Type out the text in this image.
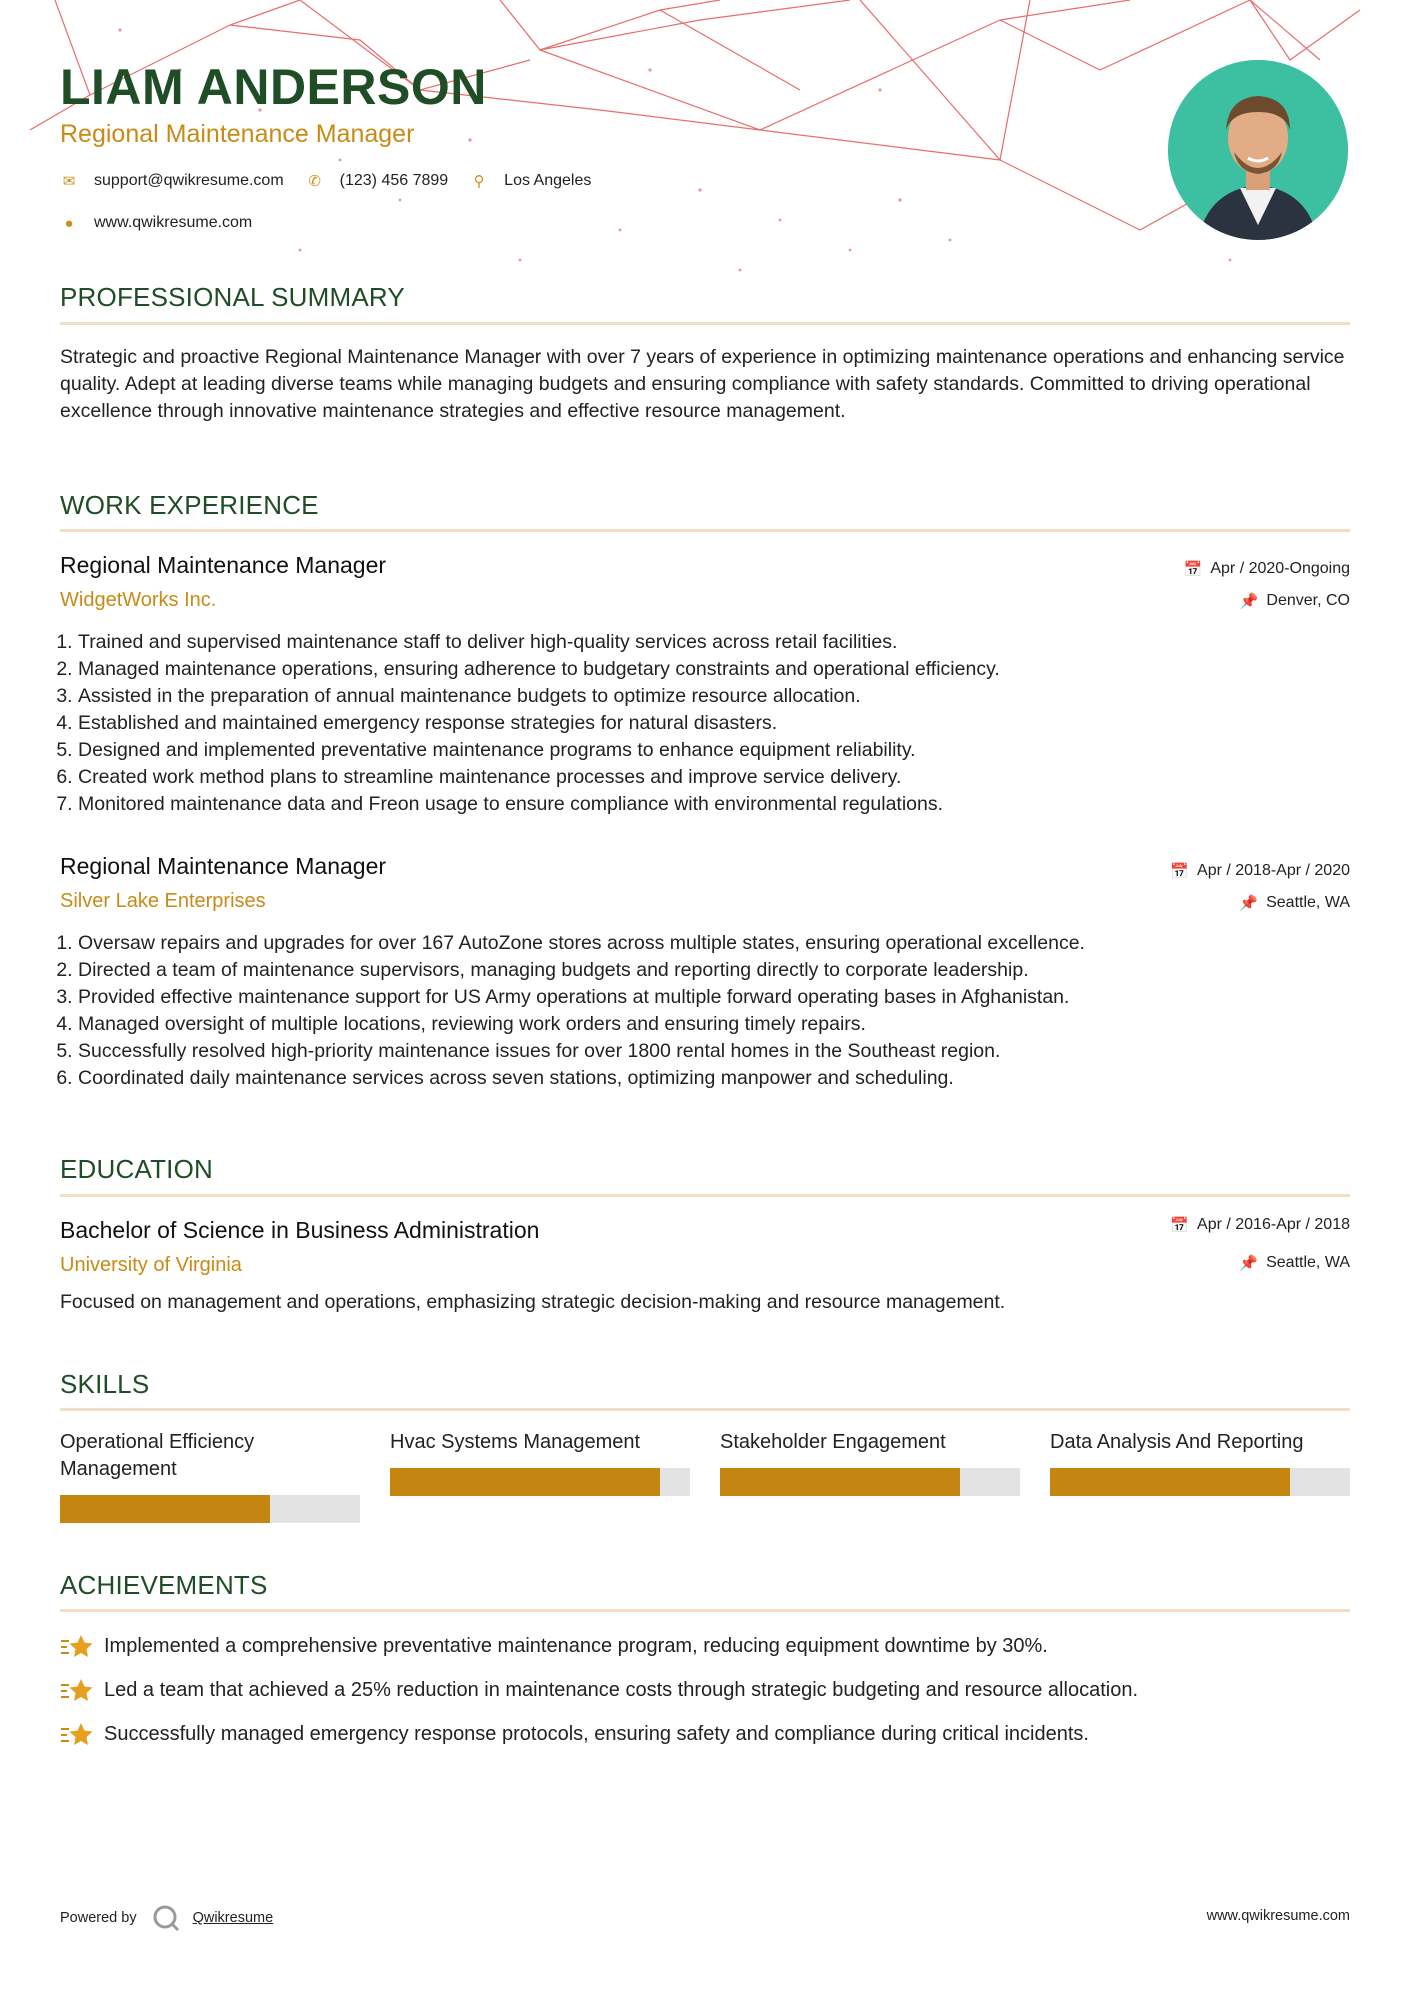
LIAM ANDERSON
Regional Maintenance Manager
✉ support@qwikresume.com ✆ (123) 456 7899 ⚲ Los Angeles
● www.qwikresume.com
PROFESSIONAL SUMMARY
Strategic and proactive Regional Maintenance Manager with over 7 years of experience in optimizing maintenance operations and enhancing service quality. Adept at leading diverse teams while managing budgets and ensuring compliance with safety standards. Committed to driving operational excellence through innovative maintenance strategies and effective resource management.
WORK EXPERIENCE
Regional Maintenance Manager
WidgetWorks Inc.
📅 Apr / 2020-Ongoing
📌 Denver, CO
1. Trained and supervised maintenance staff to deliver high-quality services across retail facilities.
2. Managed maintenance operations, ensuring adherence to budgetary constraints and operational efficiency.
3. Assisted in the preparation of annual maintenance budgets to optimize resource allocation.
4. Established and maintained emergency response strategies for natural disasters.
5. Designed and implemented preventative maintenance programs to enhance equipment reliability.
6. Created work method plans to streamline maintenance processes and improve service delivery.
7. Monitored maintenance data and Freon usage to ensure compliance with environmental regulations.
Regional Maintenance Manager
Silver Lake Enterprises
📅 Apr / 2018-Apr / 2020
📌 Seattle, WA
1. Oversaw repairs and upgrades for over 167 AutoZone stores across multiple states, ensuring operational excellence.
2. Directed a team of maintenance supervisors, managing budgets and reporting directly to corporate leadership.
3. Provided effective maintenance support for US Army operations at multiple forward operating bases in Afghanistan.
4. Managed oversight of multiple locations, reviewing work orders and ensuring timely repairs.
5. Successfully resolved high-priority maintenance issues for over 1800 rental homes in the Southeast region.
6. Coordinated daily maintenance services across seven stations, optimizing manpower and scheduling.
EDUCATION
Bachelor of Science in Business Administration
University of Virginia
📅 Apr / 2016-Apr / 2018
📌 Seattle, WA
Focused on management and operations, emphasizing strategic decision-making and resource management.
SKILLS
Operational Efficiency Management
Hvac Systems Management	Stakeholder Engagement	Data Analysis And Reporting
ACHIEVEMENTS
Implemented a comprehensive preventative maintenance program, reducing equipment downtime by 30%.
Led a team that achieved a 25% reduction in maintenance costs through strategic budgeting and resource allocation.
Successfully managed emergency response protocols, ensuring safety and compliance during critical incidents.
Powered by	Qwikresume	www.qwikresume.com
